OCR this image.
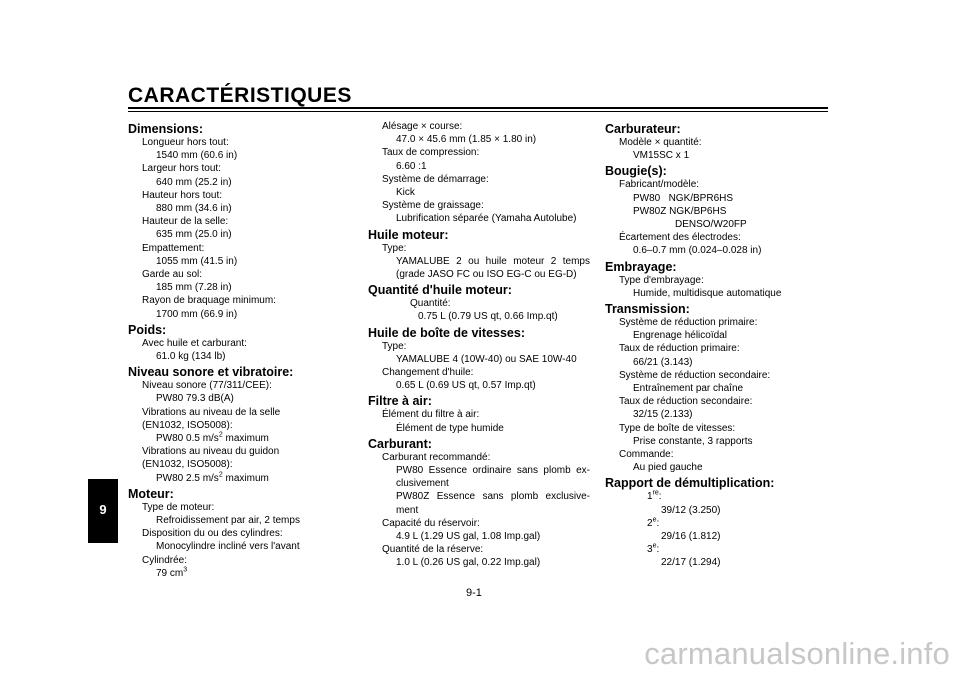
CARACTÉRISTIQUES
9
9-1
carmanualsonline.info
Dimensions:
Longueur hors tout:
1540 mm (60.6 in)
Largeur hors tout:
640 mm (25.2 in)
Hauteur hors tout:
880 mm (34.6 in)
Hauteur de la selle:
635 mm (25.0 in)
Empattement:
1055 mm (41.5 in)
Garde au sol:
185 mm (7.28 in)
Rayon de braquage minimum:
1700 mm (66.9 in)
Poids:
Avec huile et carburant:
61.0 kg (134 lb)
Niveau sonore et vibratoire:
Niveau sonore (77/311/CEE):
PW80 79.3 dB(A)
Vibrations au niveau de la selle
(EN1032, ISO5008):
PW80 0.5 $m/s^2$ maximum
Vibrations au niveau du guidon
(EN1032, ISO5008):
PW80 2.5 $m/s^2$ maximum
Moteur:
Type de moteur:
Refroidissement par air, 2 temps
Disposition du ou des cylindres:
Monocylindre incliné vers l'avant
Cylindrée:
79 $cm^3$
Alésage × course:
47.0 × 45.6 mm (1.85 × 1.80 in)
Taux de compression:
6.60 :1
Système de démarrage:
Kick
Système de graissage:
Lubrification séparée (Yamaha Autolube)
Huile moteur:
Type:
YAMALUBE 2 ou huile moteur 2 temps
(grade JASO FC ou ISO EG-C ou EG-D)
Quantité d'huile moteur:
Quantité:
0.75 L (0.79 US qt, 0.66 Imp.qt)
Huile de boîte de vitesses:
Type:
YAMALUBE 4 (10W-40) ou SAE 10W-40
Changement d'huile:
0.65 L (0.69 US qt, 0.57 Imp.qt)
Filtre à air:
Élément du filtre à air:
Élément de type humide
Carburant:
Carburant recommandé:
PW80 Essence ordinaire sans plomb ex-
clusivement
PW80Z Essence sans plomb exclusive-
ment
Capacité du réservoir:
4.9 L (1.29 US gal, 1.08 Imp.gal)
Quantité de la réserve:
1.0 L (0.26 US gal, 0.22 Imp.gal)
Carburateur:
Modèle × quantité:
VM15SC x 1
Bougie(s):
Fabricant/modèle:
PW80   NGK/BPR6HS
PW80Z NGK/BP6HS
DENSO/W20FP
Écartement des électrodes:
0.6–0.7 mm (0.024–0.028 in)
Embrayage:
Type d'embrayage:
Humide, multidisque automatique
Transmission:
Système de réduction primaire:
Engrenage hélicoïdal
Taux de réduction primaire:
66/21 (3.143)
Système de réduction secondaire:
Entraînement par chaîne
Taux de réduction secondaire:
32/15 (2.133)
Type de boîte de vitesses:
Prise constante, 3 rapports
Commande:
Au pied gauche
Rapport de démultiplication:
1re:
39/12 (3.250)
2e:
29/16 (1.812)
3e:
22/17 (1.294)
